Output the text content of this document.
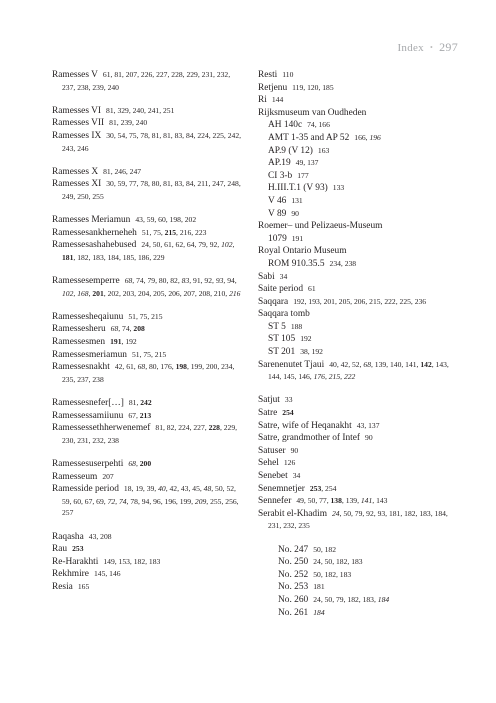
Index • 297

Ramesses V 61, 81, 207, 226, 227, 228, 229, 231, 232, 237, 238, 239, 240

Ramesses VI 81, 329, 240, 241, 251

Ramesses VII 81, 239, 240

Ramesses IX 30, 54, 75, 78, 81, 81, 83, 84, 224, 225, 242, 243, 246

Ramesses X 81, 246, 247

Ramesses XI 30, 59, 77, 78, 80, 81, 83, 84, 211, 247, 248, 249, 250, 255

Ramesses Meriamun 43, 59, 60, 198, 202

Ramessesankherneheh 51, 75, 215, 216, 223

Ramessesashahebused 24, 50, 61, 62, 64, 79, 92, 102, 181, 182, 183, 184, 185, 186, 229

Ramessesemperre 68, 74, 79, 80, 82, 83, 91, 92, 93, 94, 102, 168, 201, 202, 203, 204, 205, 206, 207, 208, 210, 216

Ramessesheqaiunu 51, 75, 215

Ramessesheru 68, 74, 208

Ramessesmen 191, 192

Ramessesmeriamun 51, 75, 215

Ramessesnakht 42, 61, 68, 80, 176, 198, 199, 200, 234, 235, 237, 238

Ramessesnefer[…] 81, 242

Ramessessamiiunu 67, 213

Ramessessethherwenemef 81, 82, 224, 227, 228, 229, 230, 231, 232, 238

Ramessesuserpehti 68, 200

Ramesseum 207

Ramesside period 18, 19, 39, 40, 42, 43, 45, 48, 50, 52, 59, 60, 67, 69, 72, 74, 78, 94, 96, 196, 199, 209, 255, 256, 257

Raqasha 43, 208

Rau 253

Re-Harakhti 149, 153, 182, 183

Rekhmire 145, 146

Resia 165

Resti 110

Retjenu 119, 120, 185

Ri 144

Rijksmuseum van Oudheden

AH 140c 74, 166

AMT 1-35 and AP 52 166, 196

AP.9 (V 12) 163

AP.19 49, 137

CI 3-b 177

H.III.T.1 (V 93) 133

V 46 131

V 89 90

Roemer– und Pelizaeus-Museum

1079 191

Royal Ontario Museum

ROM 910.35.5 234, 238

Sabi 34

Saite period 61

Saqqara 192, 193, 201, 205, 206, 215, 222, 225, 236

Saqqara tomb

ST 5 188

ST 105 192

ST 201 38, 192

Sarenenutet Tjaui 40, 42, 52, 68, 139, 140, 141, 142, 143, 144, 145, 146, 176, 215, 222

Satjut 33

Satre 254

Satre, wife of Heqanakht 43, 137

Satre, grandmother of Intef 90

Satuser 90

Sehel 126

Senebet 34

Senemnetjer 253, 254

Sennefer 49, 50, 77, 138, 139, 141, 143

Serabit el-Khadim 24, 50, 79, 92, 93, 181, 182, 183, 184, 231, 232, 235

No. 247 50, 182

No. 250 24, 50, 182, 183

No. 252 50, 182, 183

No. 253 181

No. 260 24, 50, 79, 182, 183, 184

No. 261 184
